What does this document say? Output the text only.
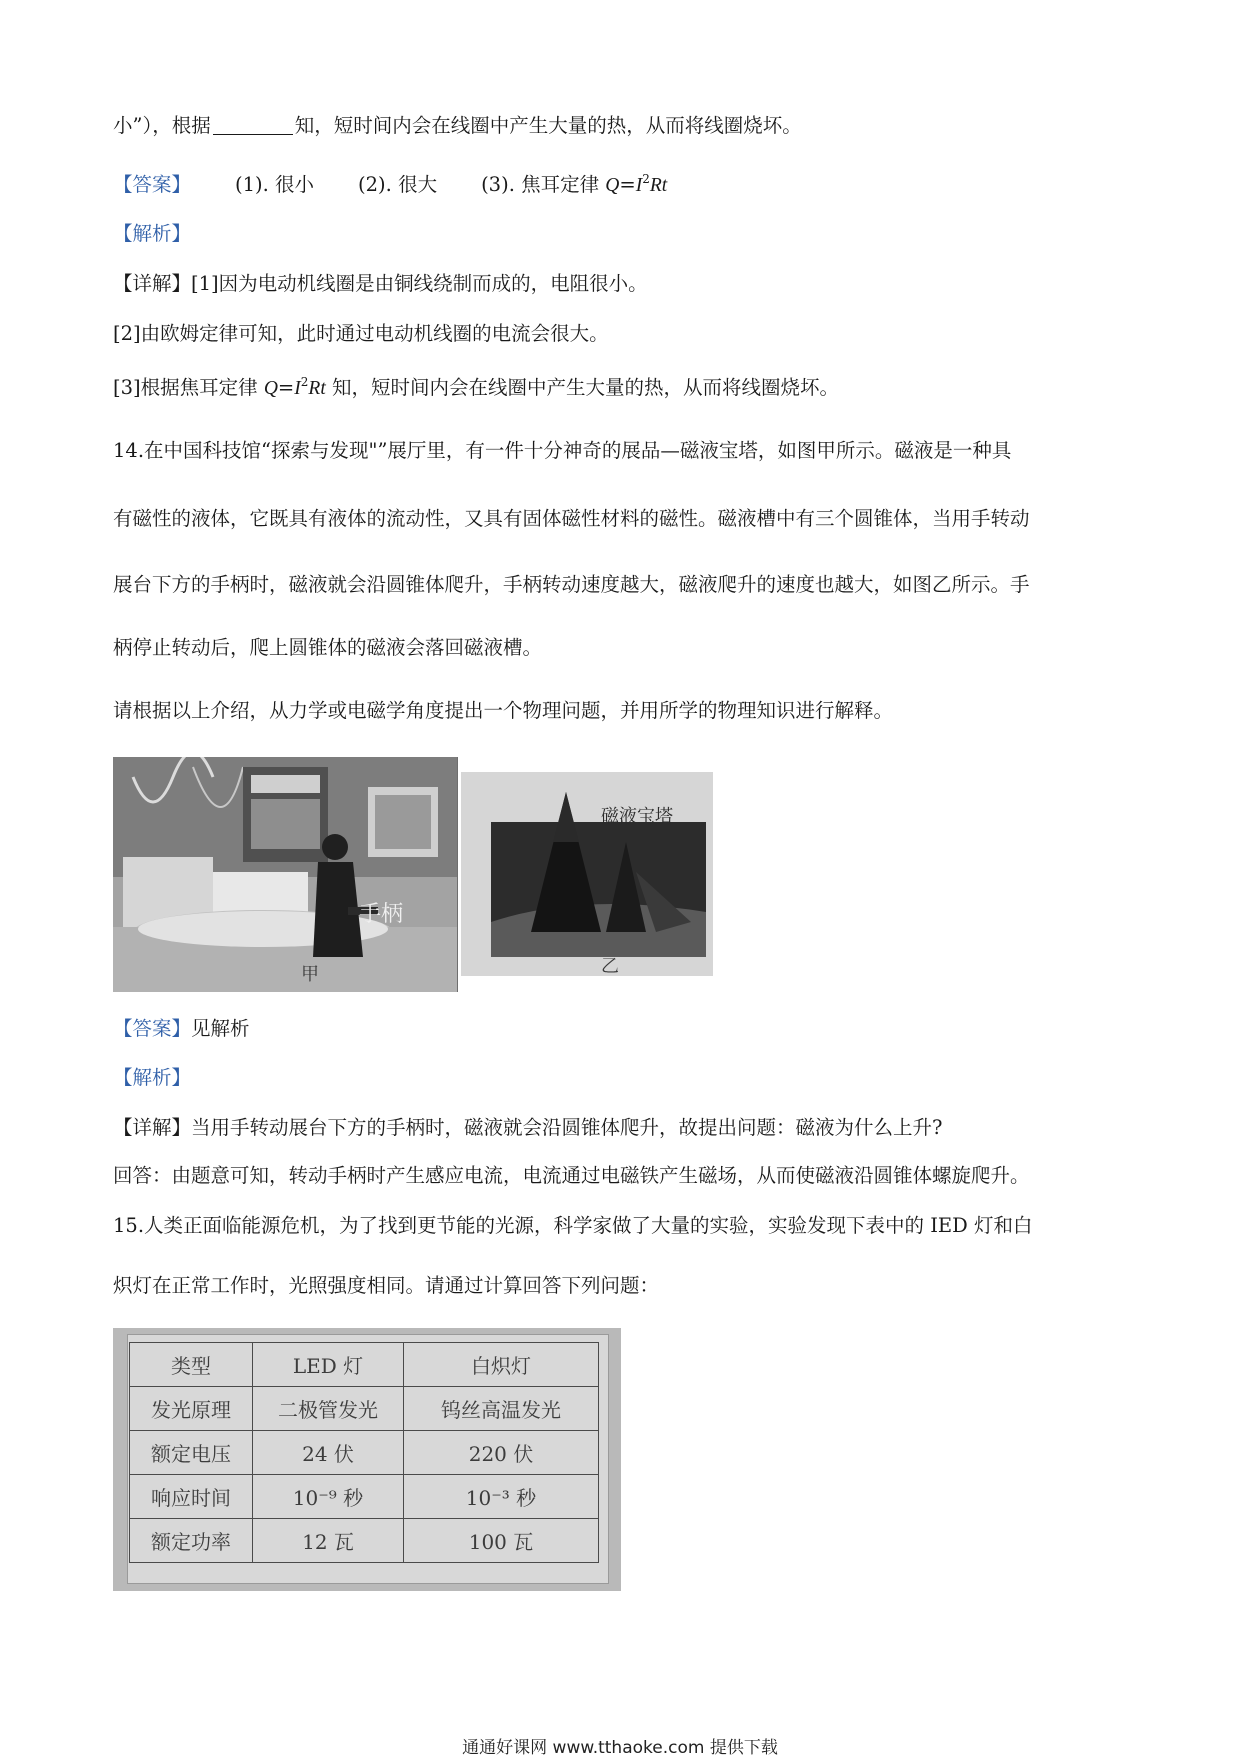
小”），根据	知，短时间内会在线圈中产生大量的热，从而将线圈烧坏。
【答案】 (1). 很小 (2). 很大 (3). 焦耳定律 $Q=I^2Rt$
【解析】
【详解】[1]因为电动机线圈是由铜线绕制而成的，电阻很小。
[2]由欧姆定律可知，此时通过电动机线圈的电流会很大。
[3]根据焦耳定律 $Q=I^2Rt$ 知，短时间内会在线圈中产生大量的热，从而将线圈烧坏。
14.在中国科技馆“探索与发现"”展厅里，有一件十分神奇的展品—磁液宝塔，如图甲所示。磁液是一种具
有磁性的液体，它既具有液体的流动性，又具有固体磁性材料的磁性。磁液槽中有三个圆锥体，当用手转动
展台下方的手柄时，磁液就会沿圆锥体爬升，手柄转动速度越大，磁液爬升的速度也越大，如图乙所示。手
柄停止转动后，爬上圆锥体的磁液会落回磁液槽。
请根据以上介绍，从力学或电磁学角度提出一个物理问题，并用所学的物理知识进行解释。
手柄
甲
磁液宝塔
乙
【答案】见解析
【解析】
【详解】当用手转动展台下方的手柄时，磁液就会沿圆锥体爬升，故提出问题：磁液为什么上升?
回答：由题意可知，转动手柄时产生感应电流，电流通过电磁铁产生磁场，从而使磁液沿圆锥体螺旋爬升。
15.人类正面临能源危机，为了找到更节能的光源，科学家做了大量的实验，实验发现下表中的 IED 灯和白
炽灯在正常工作时，光照强度相同。请通过计算回答下列问题：
类型	LED 灯	白炽灯
发光原理	二极管发光	钨丝高温发光
额定电压	24 伏	220 伏
响应时间	10⁻⁹ 秒	10⁻³ 秒
额定功率	12 瓦	100 瓦
通通好课网 www.tthaoke.com 提供下载
